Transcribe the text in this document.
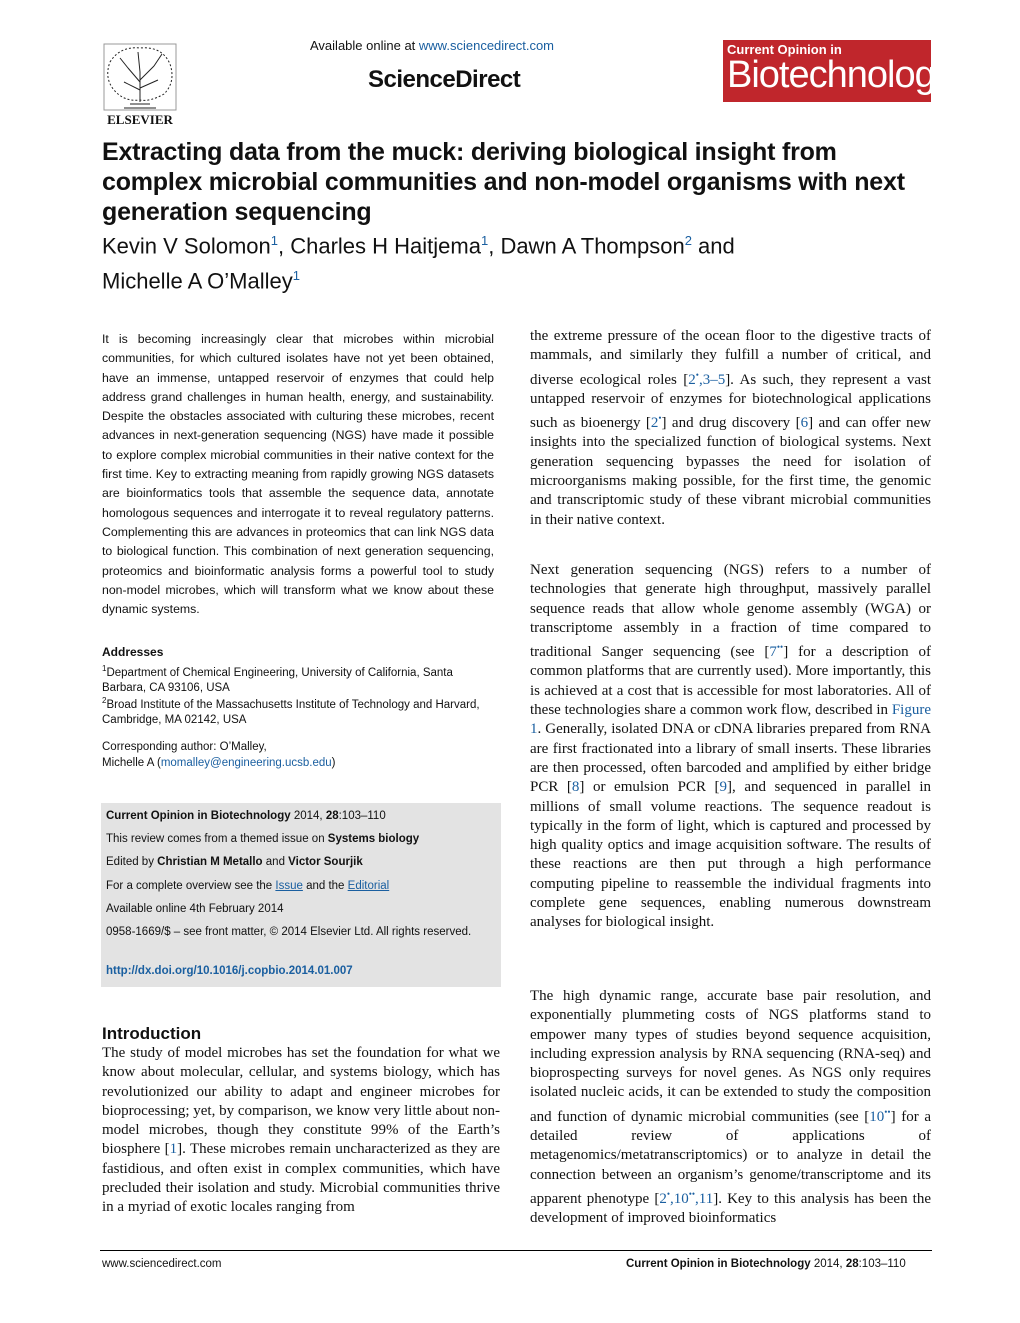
ELSEVIER
Available online at www.sciencedirect.com
ScienceDirect
Current Opinion in
Biotechnology
Extracting data from the muck: deriving biological insight from complex microbial communities and non-model organisms with next generation sequencing
Kevin V Solomon$^1$, Charles H Haitjema$^1$, Dawn A Thompson$^2$ and
Michelle A O’Malley$^1$
It is becoming increasingly clear that microbes within microbial communities, for which cultured isolates have not yet been obtained, have an immense, untapped reservoir of enzymes that could help address grand challenges in human health, energy, and sustainability. Despite the obstacles associated with culturing these microbes, recent advances in next-generation sequencing (NGS) have made it possible to explore complex microbial communities in their native context for the first time. Key to extracting meaning from rapidly growing NGS datasets are bioinformatics tools that assemble the sequence data, annotate homologous sequences and interrogate it to reveal regulatory patterns. Complementing this are advances in proteomics that can link NGS data to biological function. This combination of next generation sequencing, proteomics and bioinformatic analysis forms a powerful tool to study non-model microbes, which will transform what we know about these dynamic systems.
Addresses
$^1$Department of Chemical Engineering, University of California, Santa Barbara, CA 93106, USA
$^2$Broad Institute of the Massachusetts Institute of Technology and Harvard, Cambridge, MA 02142, USA
Corresponding author: O’Malley,
Michelle A (momalley@engineering.ucsb.edu)
Current Opinion in Biotechnology 2014, 28:103–110
This review comes from a themed issue on Systems biology
Edited by Christian M Metallo and Victor Sourjik
For a complete overview see the Issue and the Editorial
Available online 4th February 2014
0958-1669/$ – see front matter, © 2014 Elsevier Ltd. All rights reserved.
http://dx.doi.org/10.1016/j.copbio.2014.01.007
Introduction
The study of model microbes has set the foundation for what we know about molecular, cellular, and systems biology, which has revolutionized our ability to adapt and engineer microbes for bioprocessing; yet, by comparison, we know very little about non-model microbes, though they constitute 99% of the Earth’s biosphere [1]. These microbes remain uncharacterized as they are fastidious, and often exist in complex communities, which have precluded their isolation and study. Microbial communities thrive in a myriad of exotic locales ranging from
the extreme pressure of the ocean floor to the digestive tracts of mammals, and similarly they fulfill a number of critical, and diverse ecological roles [2•,3–5]. As such, they represent a vast untapped reservoir of enzymes for biotechnological applications such as bioenergy [2•] and drug discovery [6] and can offer new insights into the specialized function of biological systems. Next generation sequencing bypasses the need for isolation of microorganisms making possible, for the first time, the genomic and transcriptomic study of these vibrant microbial communities in their native context.
Next generation sequencing (NGS) refers to a number of technologies that generate high throughput, massively parallel sequence reads that allow whole genome assembly (WGA) or transcriptome assembly in a fraction of time compared to traditional Sanger sequencing (see [7••] for a description of common platforms that are currently used). More importantly, this is achieved at a cost that is accessible for most laboratories. All of these technologies share a common work flow, described in Figure 1. Generally, isolated DNA or cDNA libraries prepared from RNA are first fractionated into a library of small inserts. These libraries are then processed, often barcoded and amplified by either bridge PCR [8] or emulsion PCR [9], and sequenced in parallel in millions of small volume reactions. The sequence readout is typically in the form of light, which is captured and processed by high quality optics and image acquisition software. The results of these reactions are then put through a high performance computing pipeline to reassemble the individual fragments into complete gene sequences, enabling numerous downstream analyses for biological insight.
The high dynamic range, accurate base pair resolution, and exponentially plummeting costs of NGS platforms stand to empower many types of studies beyond sequence acquisition, including expression analysis by RNA sequencing (RNA-seq) and bioprospecting surveys for novel genes. As NGS only requires isolated nucleic acids, it can be extended to study the composition and function of dynamic microbial communities (see [10••] for a detailed review of applications of metagenomics/metatranscriptomics) or to analyze in detail the connection between an organism’s genome/transcriptome and its apparent phenotype [2•,10••,11]. Key to this analysis has been the development of improved bioinformatics
www.sciencedirect.com	Current Opinion in Biotechnology 2014, 28:103–110
